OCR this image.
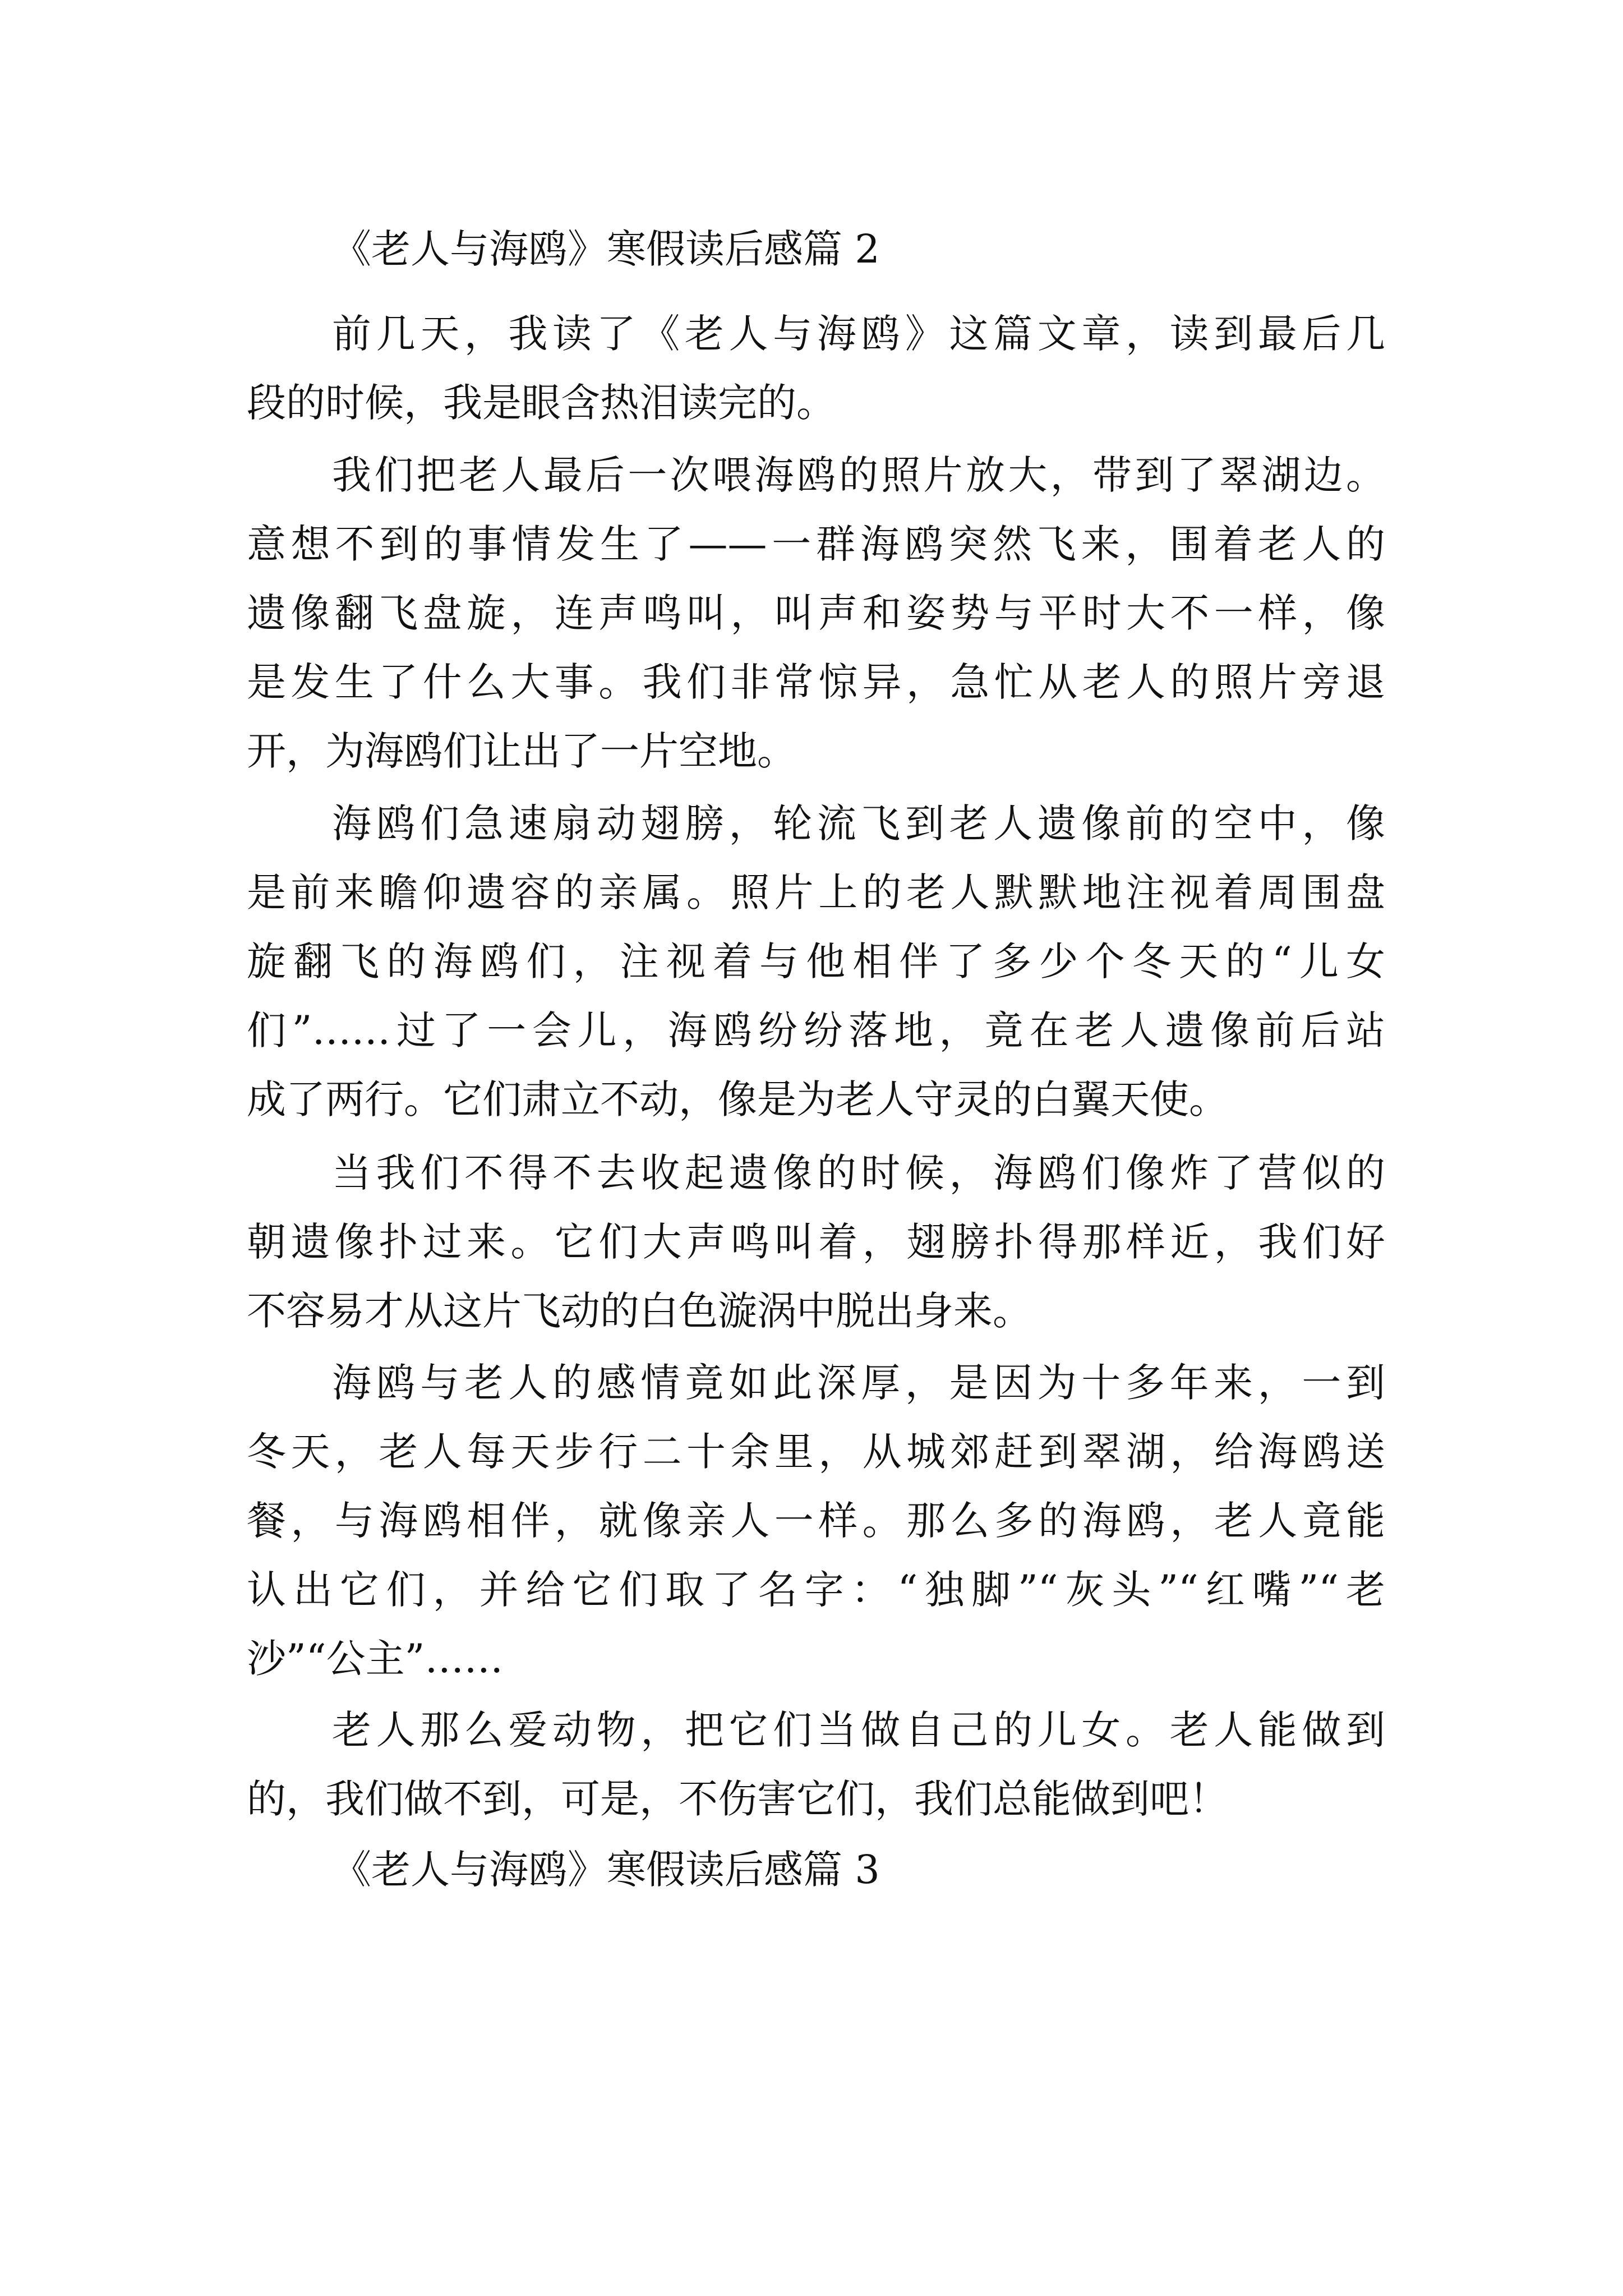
《老人与海鸥》寒假读后感篇 2
前几天，我读了《老人与海鸥》这篇文章，读到最后几
段的时候，我是眼含热泪读完的。
我们把老人最后一次喂海鸥的照片放大，带到了翠湖边。
意想不到的事情发生了——一群海鸥突然飞来，围着老人的
遗像翻飞盘旋，连声鸣叫，叫声和姿势与平时大不一样，像
是发生了什么大事。我们非常惊异，急忙从老人的照片旁退
开，为海鸥们让出了一片空地。
海鸥们急速扇动翅膀，轮流飞到老人遗像前的空中，像
是前来瞻仰遗容的亲属。照片上的老人默默地注视着周围盘
旋翻飞的海鸥们，注视着与他相伴了多少个冬天的“儿女
们”……过了一会儿，海鸥纷纷落地，竟在老人遗像前后站
成了两行。它们肃立不动，像是为老人守灵的白翼天使。
当我们不得不去收起遗像的时候，海鸥们像炸了营似的
朝遗像扑过来。它们大声鸣叫着，翅膀扑得那样近，我们好
不容易才从这片飞动的白色漩涡中脱出身来。
海鸥与老人的感情竟如此深厚，是因为十多年来，一到
冬天，老人每天步行二十余里，从城郊赶到翠湖，给海鸥送
餐，与海鸥相伴，就像亲人一样。那么多的海鸥，老人竟能
认出它们，并给它们取了名字：“独脚”“灰头”“红嘴”“老
沙”“公主”……
老人那么爱动物，把它们当做自己的儿女。老人能做到
的，我们做不到，可是，不伤害它们，我们总能做到吧！
《老人与海鸥》寒假读后感篇 3
